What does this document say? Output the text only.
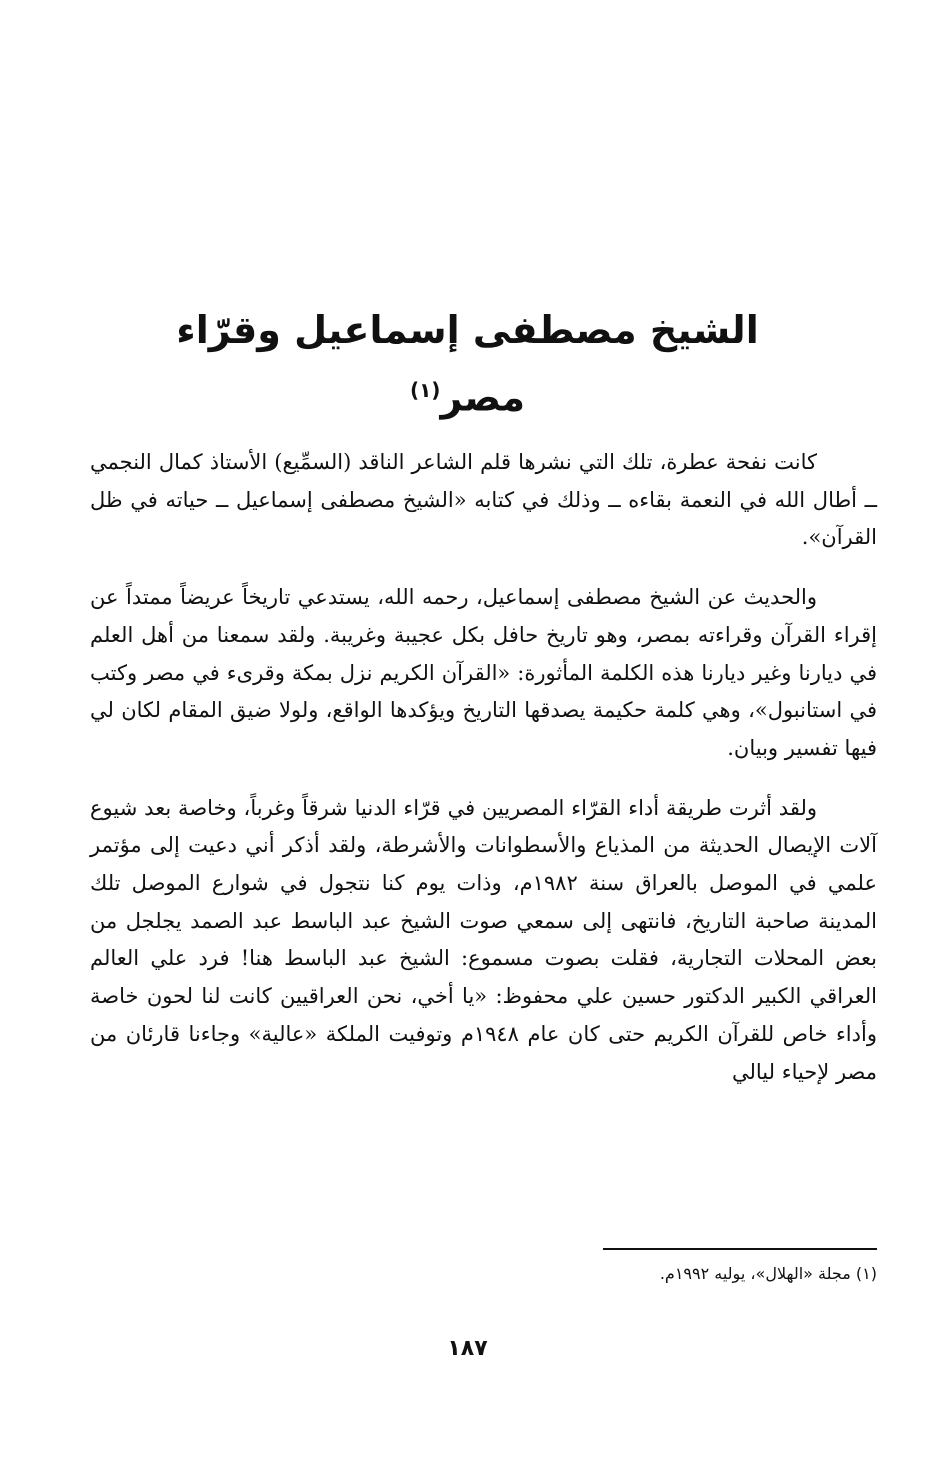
الشيخ مصطفى إسماعيل وقرّاء مصر$^{(١)}$

كانت نفحة عطرة، تلك التي نشرها قلم الشاعر الناقد (السمِّيع) الأستاذ كمال النجمي ــ أطال الله في النعمة بقاءه ــ وذلك في كتابه «الشيخ مصطفى إسماعيل ــ حياته في ظل القرآن».

والحديث عن الشيخ مصطفى إسماعيل، رحمه الله، يستدعي تاريخاً عريضاً ممتداً عن إقراء القرآن وقراءته بمصر، وهو تاريخ حافل بكل عجيبة وغريبة. ولقد سمعنا من أهل العلم في ديارنا وغير ديارنا هذه الكلمة المأثورة: «القرآن الكريم نزل بمكة وقرىء في مصر وكتب في استانبول»، وهي كلمة حكيمة يصدقها التاريخ ويؤكدها الواقع، ولولا ضيق المقام لكان لي فيها تفسير وبيان.

ولقد أثرت طريقة أداء القرّاء المصريين في قرّاء الدنيا شرقاً وغرباً، وخاصة بعد شيوع آلات الإيصال الحديثة من المذياع والأسطوانات والأشرطة، ولقد أذكر أني دعيت إلى مؤتمر علمي في الموصل بالعراق سنة ١٩٨٢م، وذات يوم كنا نتجول في شوارع الموصل تلك المدينة صاحبة التاريخ، فانتهى إلى سمعي صوت الشيخ عبد الباسط عبد الصمد يجلجل من بعض المحلات التجارية، فقلت بصوت مسموع: الشيخ عبد الباسط هنا! فرد علي العالم العراقي الكبير الدكتور حسين علي محفوظ: «يا أخي، نحن العراقيين كانت لنا لحون خاصة وأداء خاص للقرآن الكريم حتى كان عام ١٩٤٨م وتوفيت الملكة «عالية» وجاءنا قارئان من مصر لإحياء ليالي

(١) مجلة «الهلال»، يوليه ١٩٩٢م.
١٨٧
